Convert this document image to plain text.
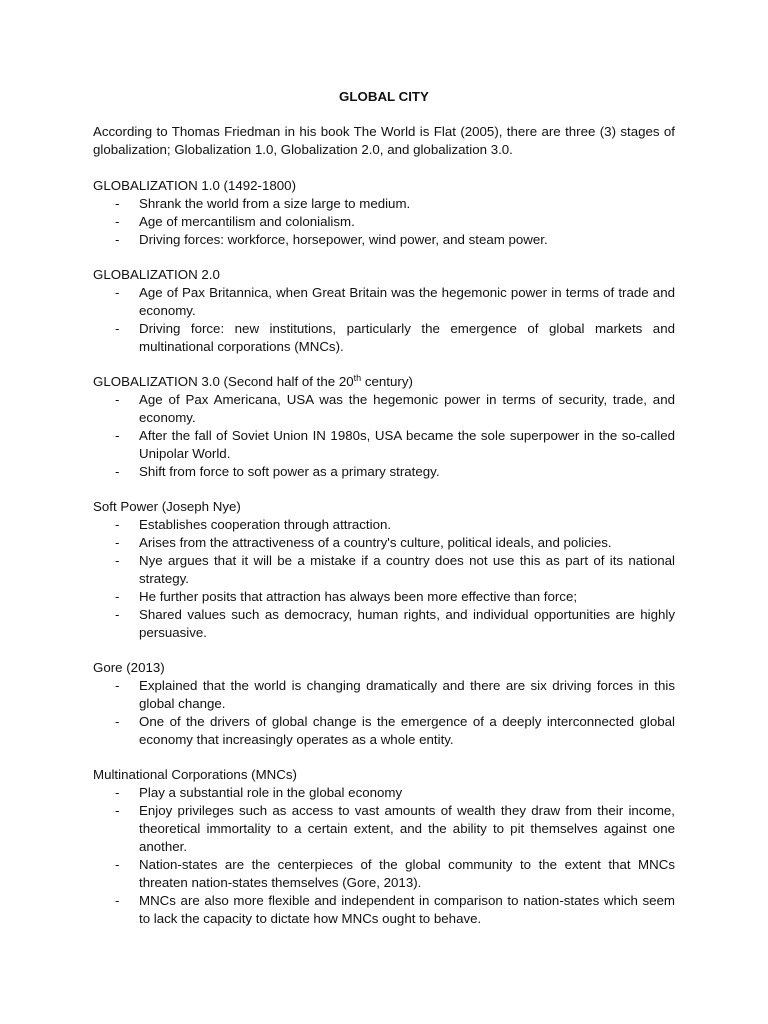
GLOBAL CITY

According to Thomas Friedman in his book The World is Flat (2005), there are three (3) stages of globalization; Globalization 1.0, Globalization 2.0, and globalization 3.0.

GLOBALIZATION 1.0 (1492-1800)

- Shrank the world from a size large to medium.
- Age of mercantilism and colonialism.
- Driving forces: workforce, horsepower, wind power, and steam power.

GLOBALIZATION 2.0

- Age of Pax Britannica, when Great Britain was the hegemonic power in terms of trade and economy.
- Driving force: new institutions, particularly the emergence of global markets and multinational corporations (MNCs).

GLOBALIZATION 3.0 (Second half of the 20th century)

- Age of Pax Americana, USA was the hegemonic power in terms of security, trade, and economy.
- After the fall of Soviet Union IN 1980s, USA became the sole superpower in the so-called Unipolar World.
- Shift from force to soft power as a primary strategy.

Soft Power (Joseph Nye)

- Establishes cooperation through attraction.
- Arises from the attractiveness of a country's culture, political ideals, and policies.
- Nye argues that it will be a mistake if a country does not use this as part of its national strategy.
- He further posits that attraction has always been more effective than force;
- Shared values such as democracy, human rights, and individual opportunities are highly persuasive.

Gore (2013)

- Explained that the world is changing dramatically and there are six driving forces in this global change.
- One of the drivers of global change is the emergence of a deeply interconnected global economy that increasingly operates as a whole entity.

Multinational Corporations (MNCs)

- Play a substantial role in the global economy
- Enjoy privileges such as access to vast amounts of wealth they draw from their income, theoretical immortality to a certain extent, and the ability to pit themselves against one another.
- Nation-states are the centerpieces of the global community to the extent that MNCs threaten nation-states themselves (Gore, 2013).
- MNCs are also more flexible and independent in comparison to nation-states which seem to lack the capacity to dictate how MNCs ought to behave.
